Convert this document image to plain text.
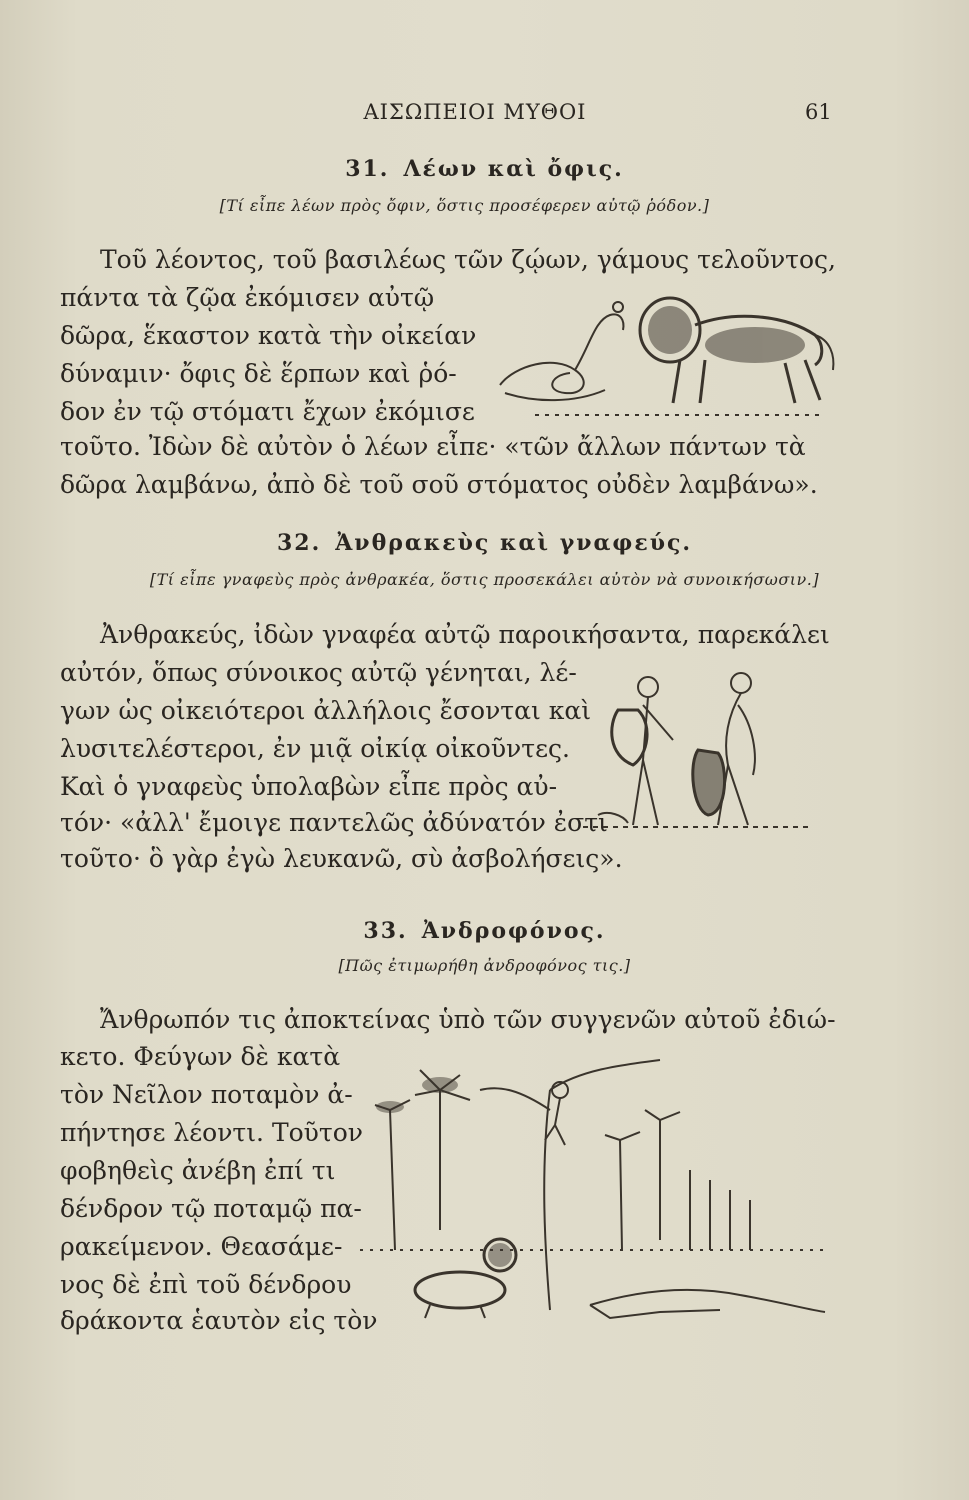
ΑΙΣΩΠΕΙΟΙ ΜΥΘΟΙ	61
31. Λέων καὶ ὄφις.
[Τί εἶπε λέων πρὸς ὄφιν, ὅστις προσέφερεν αὐτῷ ῥόδον.]
Τοῦ λέοντος, τοῦ βασιλέως τῶν ζῴων, γάμους τελοῦντος,
πάντα τὰ ζῷα ἐκόμισεν αὐτῷ
δῶρα, ἕκαστον κατὰ τὴν οἰκείαν
δύναμιν· ὄφις δὲ ἕρπων καὶ ῥό-
δον ἐν τῷ στόματι ἔχων ἐκόμισε
τοῦτο. Ἰδὼν δὲ αὐτὸν ὁ λέων εἶπε· «τῶν ἄλλων πάντων τὰ
δῶρα λαμβάνω, ἀπὸ δὲ τοῦ σοῦ στόματος οὐδὲν λαμβάνω».
32. Ἀνθρακεὺς καὶ γναφεύς.
[Τί εἶπε γναφεὺς πρὸς ἀνθρακέα, ὅστις προσεκάλει αὐτὸν νὰ συνοικήσωσιν.]
Ἀνθρακεύς, ἰδὼν γναφέα αὐτῷ παροικήσαντα, παρεκάλει
αὐτόν, ὅπως σύνοικος αὐτῷ γένηται, λέ-
γων ὡς οἰκειότεροι ἀλλήλοις ἔσονται καὶ
λυσιτελέστεροι, ἐν μιᾷ οἰκίᾳ οἰκοῦντες.
Καὶ ὁ γναφεὺς ὑπολαβὼν εἶπε πρὸς αὐ-
τόν· «ἀλλ' ἔμοιγε παντελῶς ἀδύνατόν ἐστι
τοῦτο· ὃ γὰρ ἐγὼ λευκανῶ, σὺ ἀσβολήσεις».
33. Ἀνδροφόνος.
[Πῶς ἐτιμωρήθη ἀνδροφόνος τις.]
Ἄνθρωπόν τις ἀποκτείνας ὑπὸ τῶν συγγενῶν αὐτοῦ ἐδιώ-
κετο. Φεύγων δὲ κατὰ
τὸν Νεῖλον ποταμὸν ἀ-
πήντησε λέοντι. Τοῦτον
φοβηθεὶς ἀνέβη ἐπί τι
δένδρον τῷ ποταμῷ πα-
ρακείμενον. Θεασάμε-
νος δὲ ἐπὶ τοῦ δένδρου
δράκοντα ἑαυτὸν εἰς τὸν
